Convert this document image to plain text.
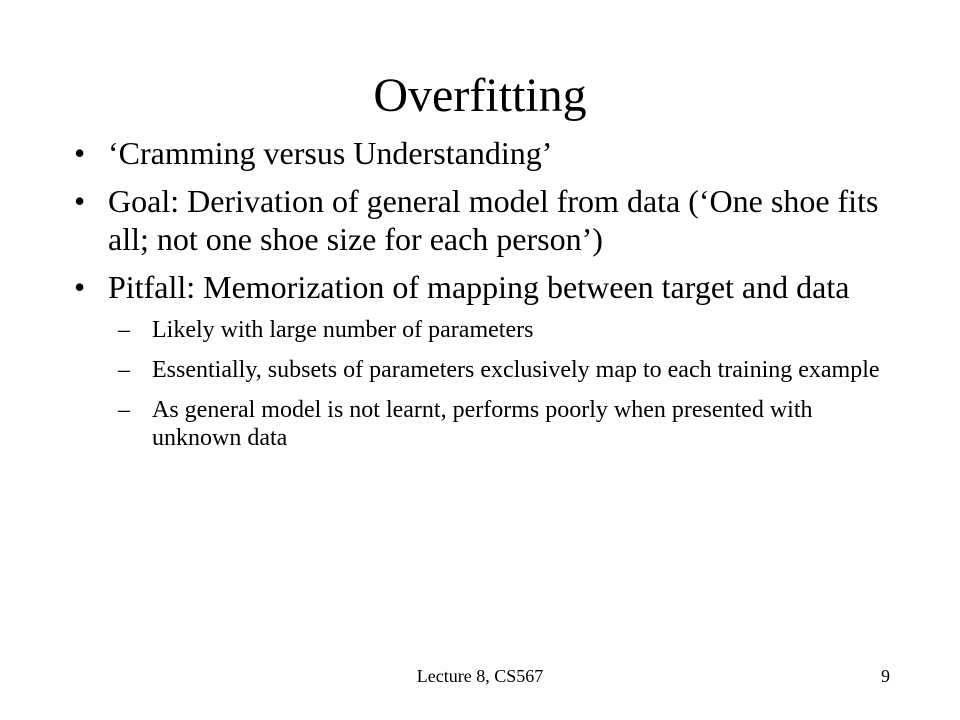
Overfitting
• ‘Cramming versus Understanding’
• Goal: Derivation of general model from data (‘One shoe fits all; not one shoe size for each person’)
• Pitfall: Memorization of mapping between target and data
– Likely with large number of parameters
– Essentially, subsets of parameters exclusively map to each training example
– As general model is not learnt, performs poorly when presented with unknown data
Lecture 8, CS567	9
